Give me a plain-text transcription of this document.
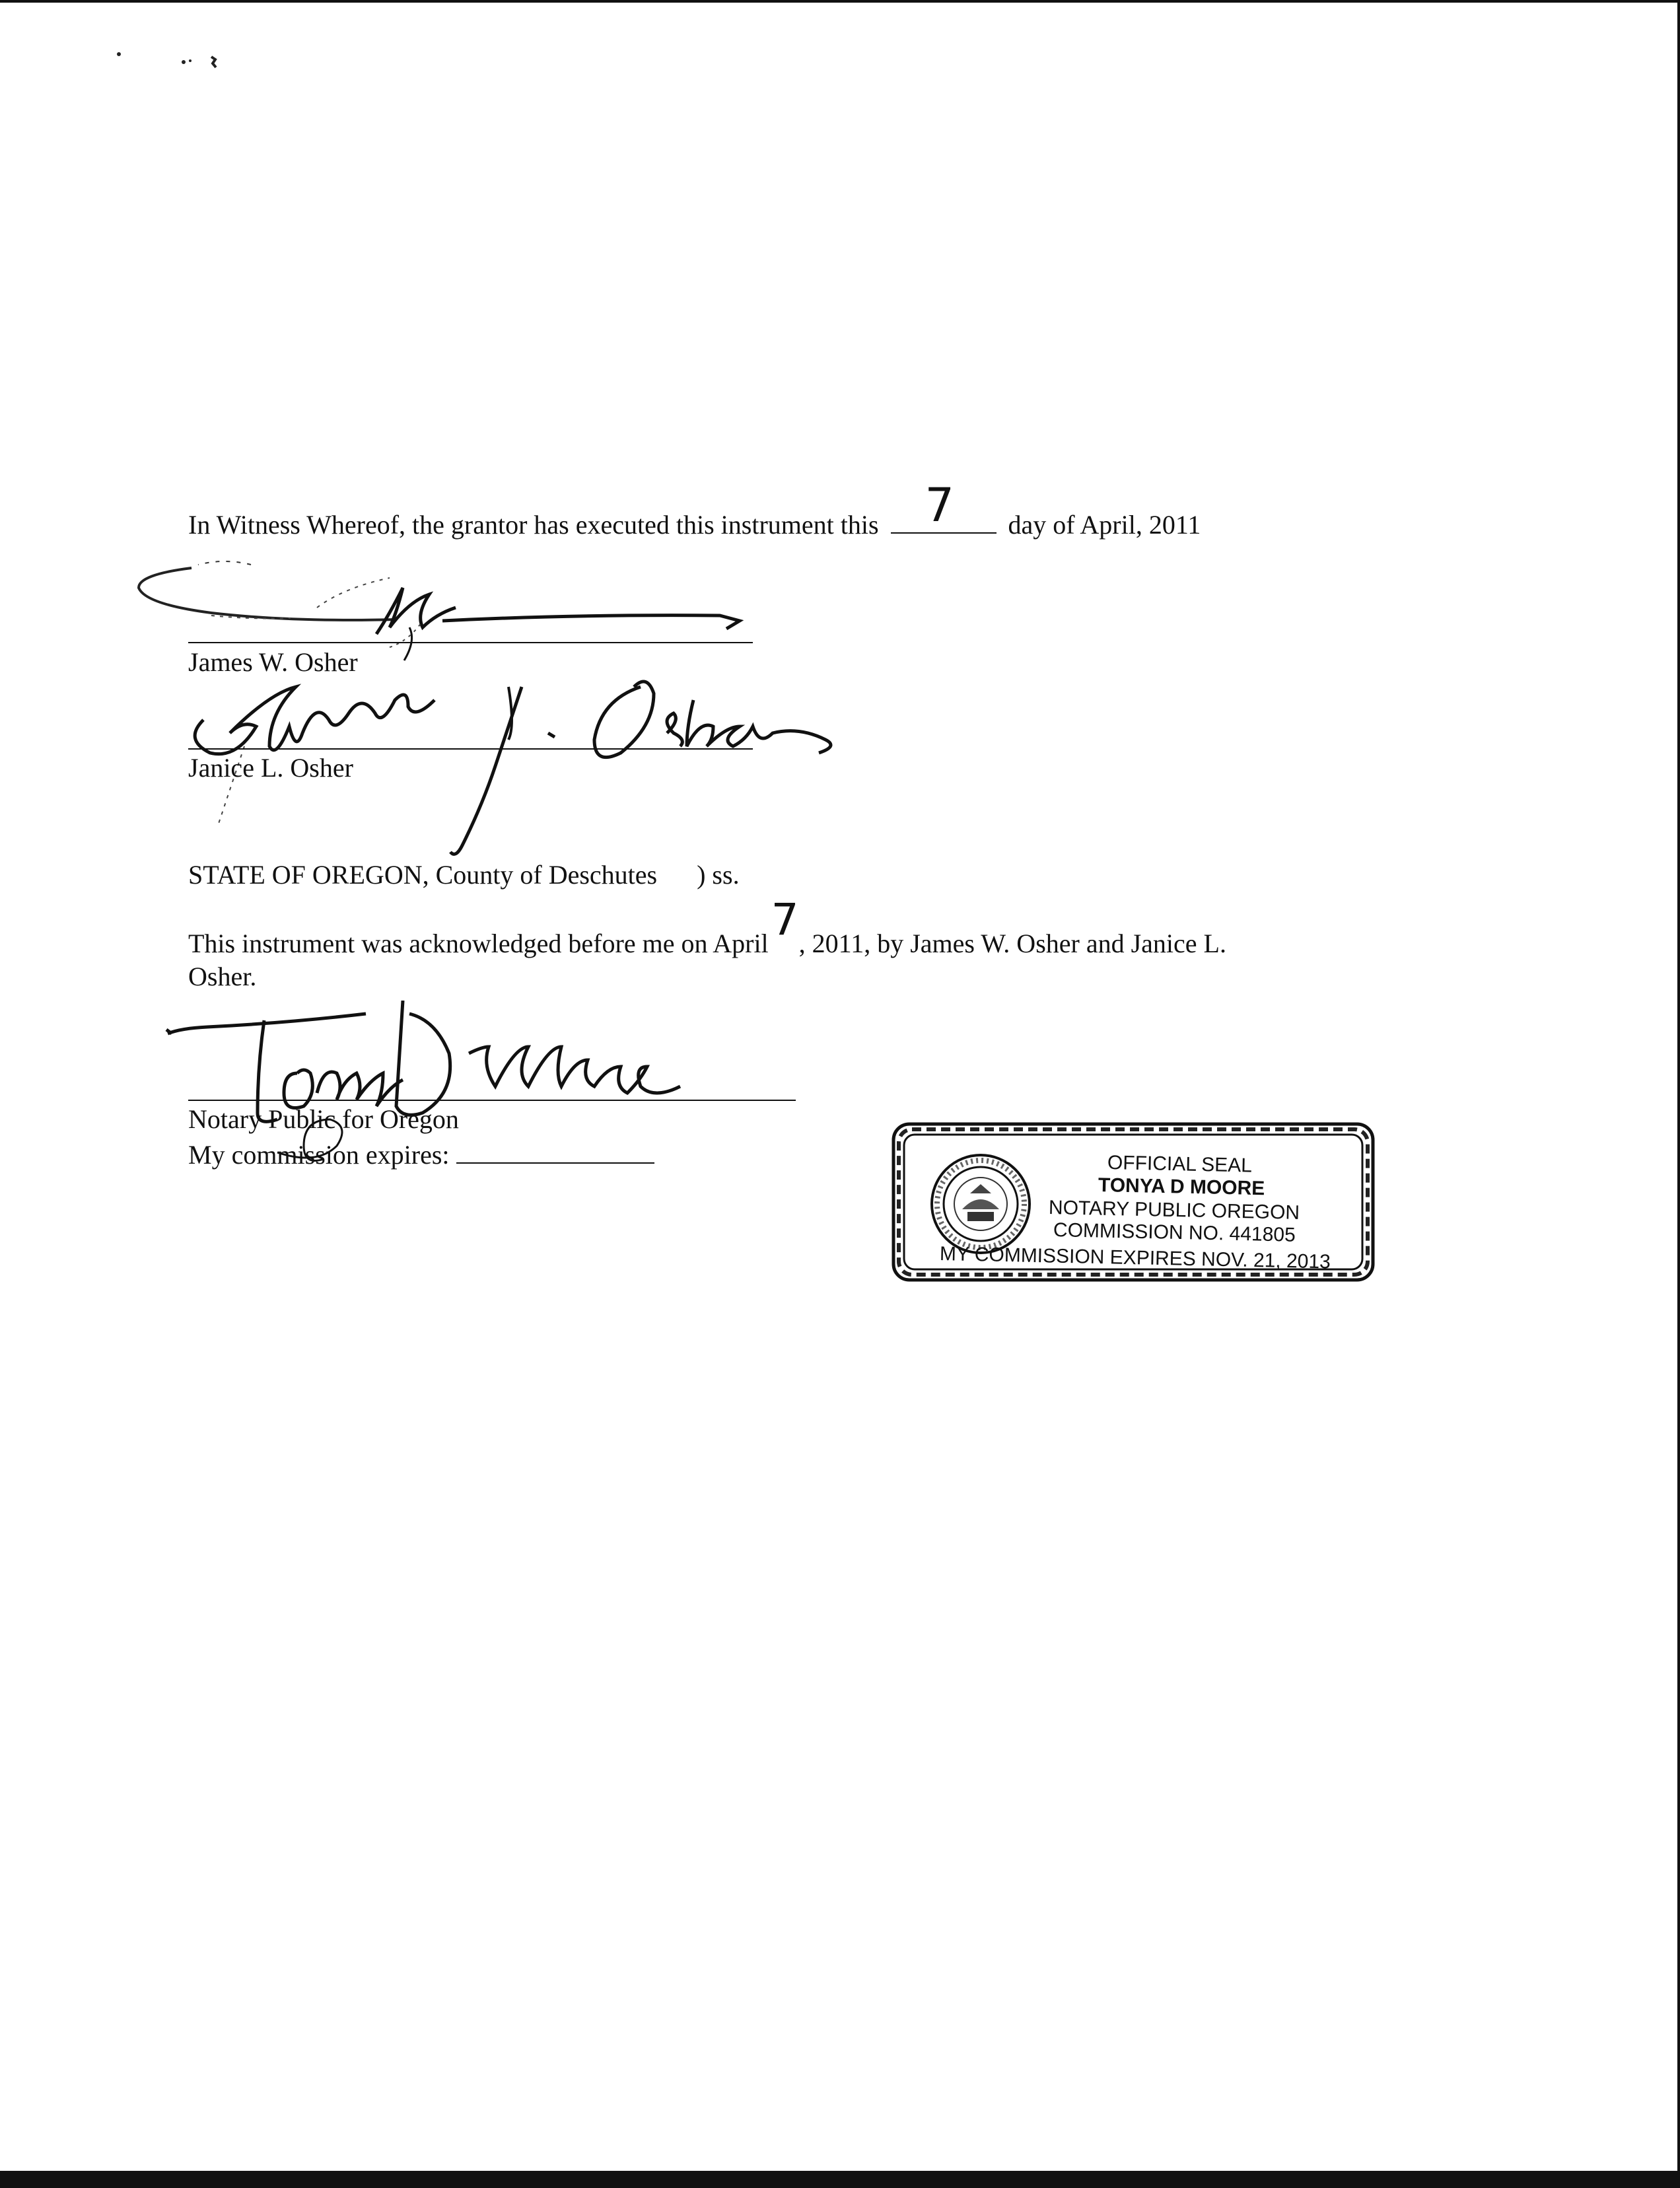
In Witness Whereof, the grantor has executed this instrument this 7 day of April, 2011
James W. Osher
Janice L. Osher
STATE OF OREGON, County of Deschutes ) ss.
This instrument was acknowledged before me on April 7 , 2011, by James W. Osher and Janice L.
Osher.
Notary Public for Oregon
My commission expires:	OFFICIAL SEAL
TONYA D MOORE
NOTARY PUBLIC OREGON
COMMISSION NO. 441805
MY COMMISSION EXPIRES NOV. 21, 2013
